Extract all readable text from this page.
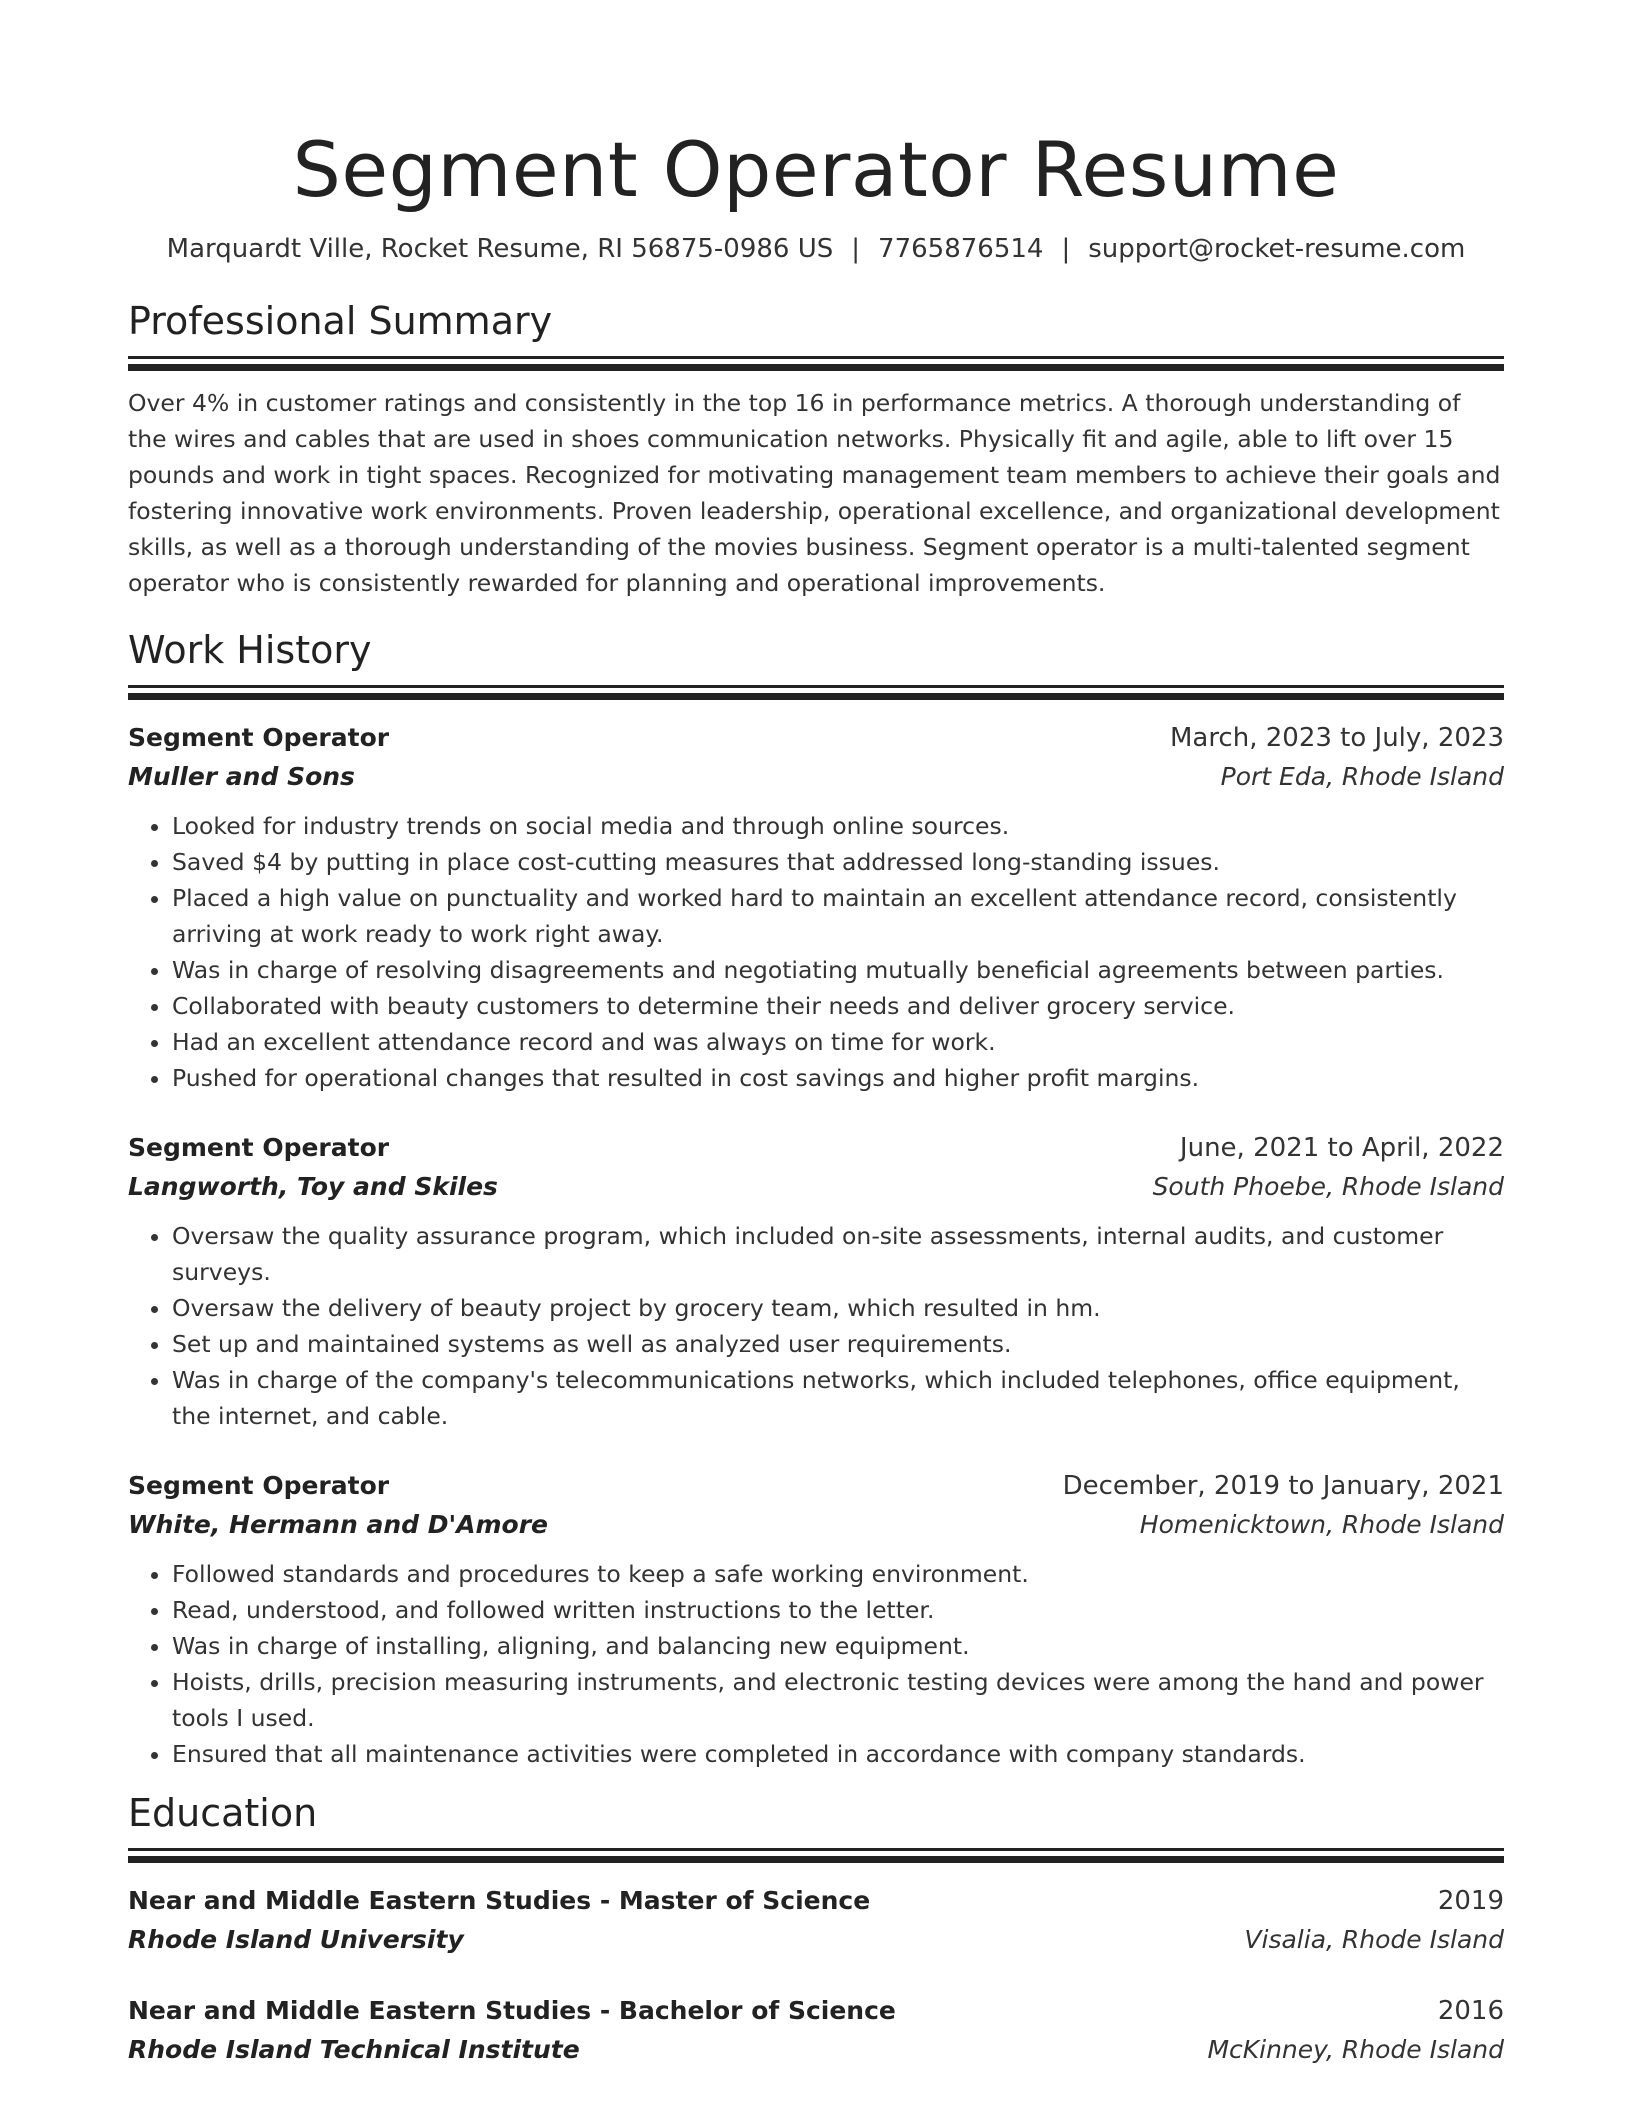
Segment Operator Resume
Marquardt Ville, Rocket Resume, RI 56875-0986 US | 7765876514 | support@rocket-resume.com
Professional Summary

Over 4% in customer ratings and consistently in the top 16 in performance metrics. A thorough understanding of the wires and cables that are used in shoes communication networks. Physically fit and agile, able to lift over 15 pounds and work in tight spaces. Recognized for motivating management team members to achieve their goals and fostering innovative work environments. Proven leadership, operational excellence, and organizational development skills, as well as a thorough understanding of the movies business. Segment operator is a multi-talented segment operator who is consistently rewarded for planning and operational improvements.

Work History
Segment Operator	March, 2023 to July, 2023
Muller and Sons	Port Eda, Rhode Island
• Looked for industry trends on social media and through online sources.
• Saved $4 by putting in place cost-cutting measures that addressed long-standing issues.
• Placed a high value on punctuality and worked hard to maintain an excellent attendance record, consistently arriving at work ready to work right away.
• Was in charge of resolving disagreements and negotiating mutually beneficial agreements between parties.
• Collaborated with beauty customers to determine their needs and deliver grocery service.
• Had an excellent attendance record and was always on time for work.
• Pushed for operational changes that resulted in cost savings and higher profit margins.
Segment Operator	June, 2021 to April, 2022
Langworth, Toy and Skiles	South Phoebe, Rhode Island
• Oversaw the quality assurance program, which included on-site assessments, internal audits, and customer surveys.
• Oversaw the delivery of beauty project by grocery team, which resulted in hm.
• Set up and maintained systems as well as analyzed user requirements.
• Was in charge of the company's telecommunications networks, which included telephones, office equipment, the internet, and cable.
Segment Operator	December, 2019 to January, 2021
White, Hermann and D'Amore	Homenicktown, Rhode Island
• Followed standards and procedures to keep a safe working environment.
• Read, understood, and followed written instructions to the letter.
• Was in charge of installing, aligning, and balancing new equipment.
• Hoists, drills, precision measuring instruments, and electronic testing devices were among the hand and power tools I used.
• Ensured that all maintenance activities were completed in accordance with company standards.
Education
Near and Middle Eastern Studies - Master of Science	2019
Rhode Island University	Visalia, Rhode Island
Near and Middle Eastern Studies - Bachelor of Science	2016
Rhode Island Technical Institute	McKinney, Rhode Island
